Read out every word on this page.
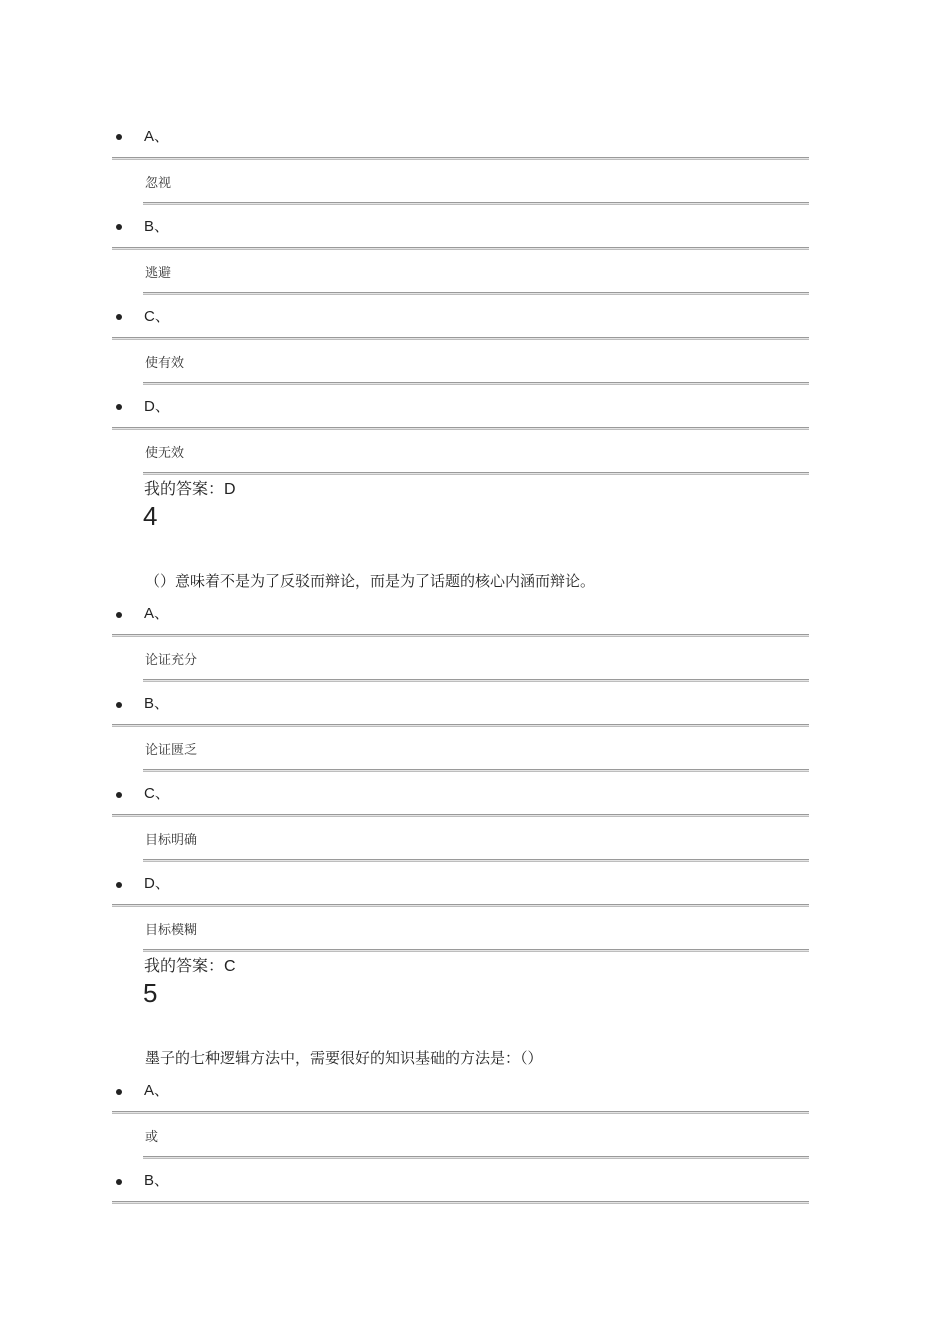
A、
忽视
B、
逃避
C、
使有效
D、
使无效
我的答案：D
4
（）意味着不是为了反驳而辩论，而是为了话题的核心内涵而辩论。
A、
论证充分
B、
论证匮乏
C、
目标明确
D、
目标模糊
我的答案：C
5
墨子的七种逻辑方法中，需要很好的知识基础的方法是：（）
A、
或
B、
